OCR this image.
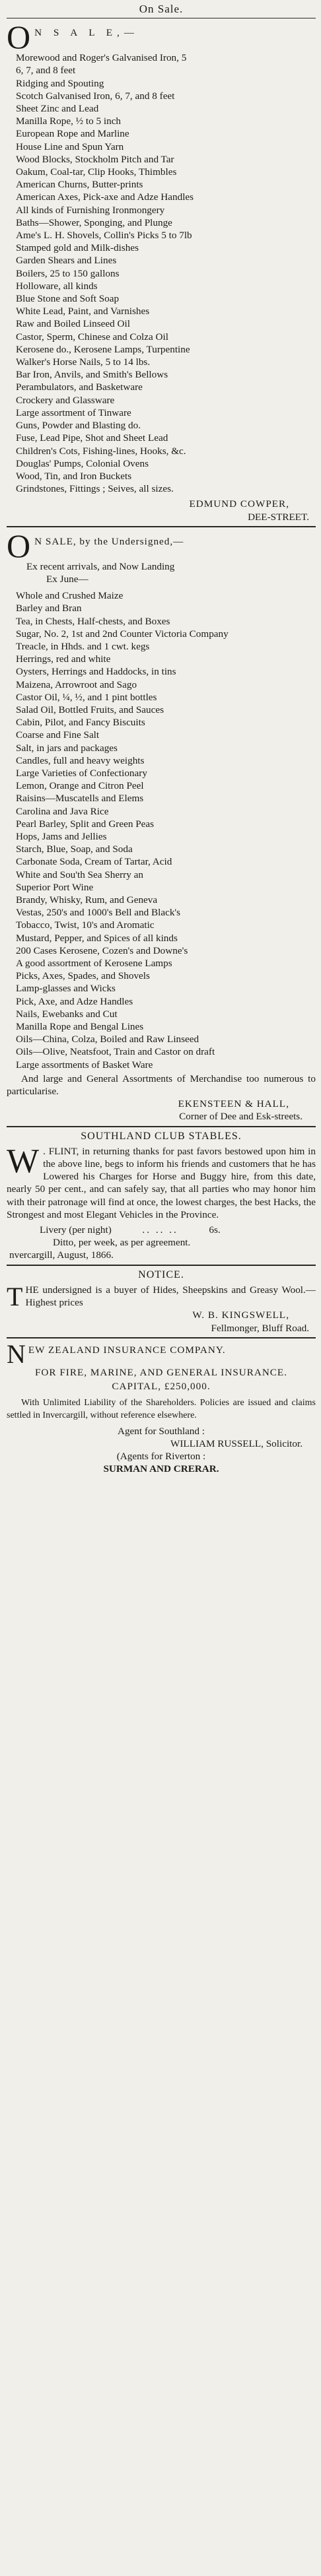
On Sale.
O N S A L E,—

Morewood and Roger's Galvanised Iron, 5

6, 7, and 8 feet

Ridging and Spouting

Scotch Galvanised Iron, 6, 7, and 8 feet

Sheet Zinc and Lead

Manilla Rope, ½ to 5 inch

European Rope and Marline

House Line and Spun Yarn

Wood Blocks, Stockholm Pitch and Tar

Oakum, Coal-tar, Clip Hooks, Thimbles

American Churns, Butter-prints

American Axes, Pick-axe and Adze Handles

All kinds of Furnishing Ironmongery

Baths—Shower, Sponging, and Plunge

Ame's L. H. Shovels, Collin's Picks 5 to 7lb

Stamped gold and Milk-dishes

Garden Shears and Lines

Boilers, 25 to 150 gallons

Holloware, all kinds

Blue Stone and Soft Soap

White Lead, Paint, and Varnishes

Raw and Boiled Linseed Oil

Castor, Sperm, Chinese and Colza Oil

Kerosene do., Kerosene Lamps, Turpentine

Walker's Horse Nails, 5 to 14 lbs.

Bar Iron, Anvils, and Smith's Bellows

Perambulators, and Basketware

Crockery and Glassware

Large assortment of Tinware

Guns, Powder and Blasting do.

Fuse, Lead Pipe, Shot and Sheet Lead

Children's Cots, Fishing-lines, Hooks, &c.

Douglas' Pumps, Colonial Ovens

Wood, Tin, and Iron Buckets

Grindstones, Fittings ; Seives, all sizes.

EDMUND COWPER,
DEE-STREET.
O N SALE, by the Undersigned,—
Ex recent arrivals, and Now Landing
Ex June—

Whole and Crushed Maize

Barley and Bran

Tea, in Chests, Half-chests, and Boxes

Sugar, No. 2, 1st and 2nd Counter Victoria Company

Treacle, in Hhds. and 1 cwt. kegs

Herrings, red and white

Oysters, Herrings and Haddocks, in tins

Maizena, Arrowroot and Sago

Castor Oil, ¼, ½, and 1 pint bottles

Salad Oil, Bottled Fruits, and Sauces

Cabin, Pilot, and Fancy Biscuits

Coarse and Fine Salt

Salt, in jars and packages

Candles, full and heavy weights

Large Varieties of Confectionary

Lemon, Orange and Citron Peel

Raisins—Muscatells and Elems

Carolina and Java Rice

Pearl Barley, Split and Green Peas

Hops, Jams and Jellies

Starch, Blue, Soap, and Soda

Carbonate Soda, Cream of Tartar, Acid

White and Sou'th Sea Sherry an

Superior Port Wine

Brandy, Whisky, Rum, and Geneva

Vestas, 250's and 1000's Bell and Black's

Tobacco, Twist, 10's and Aromatic

Mustard, Pepper, and Spices of all kinds

200 Cases Kerosene, Cozen's and Downe's

A good assortment of Kerosene Lamps

Picks, Axes, Spades, and Shovels

Lamp-glasses and Wicks

Pick, Axe, and Adze Handles

Nails, Ewebanks and Cut

Manilla Rope and Bengal Lines

Oils—China, Colza, Boiled and Raw Linseed

Oils—Olive, Neatsfoot, Train and Castor on draft

Large assortments of Basket Ware

And large and General Assortments of Merchandise too numerous to particularise.

EKENSTEEN & HALL,
Corner of Dee and Esk-streets.
SOUTHLAND CLUB STABLES.
W . FLINT, in returning thanks for past favors bestowed upon him in the above line, begs to inform his friends and customers that he has Lowered his Charges for Horse and Buggy hire, from this date, nearly 50 per cent., and can safely say, that all parties who may honor him with their patronage will find at once, the lowest charges, the best Hacks, the Strongest and most Elegant Vehicles in the Province.

Livery (per night)	.. .. ..	6s.
Ditto, per week, as per agreement.
nvercargill, August, 1866.
NOTICE.
T HE undersigned is a buyer of Hides, Sheepskins and Greasy Wool.—Highest prices

W. B. KINGSWELL,
Fellmonger, Bluff Road.
N EW ZEALAND INSURANCE COMPANY.
FOR FIRE, MARINE, AND GENERAL INSURANCE.
CAPITAL, £250,000.

With Unlimited Liability of the Shareholders. Policies are issued and claims settled in Invercargill, without reference elsewhere.

Agent for Southland :
WILLIAM RUSSELL, Solicitor.
(Agents for Riverton :
SURMAN AND CRERAR.
